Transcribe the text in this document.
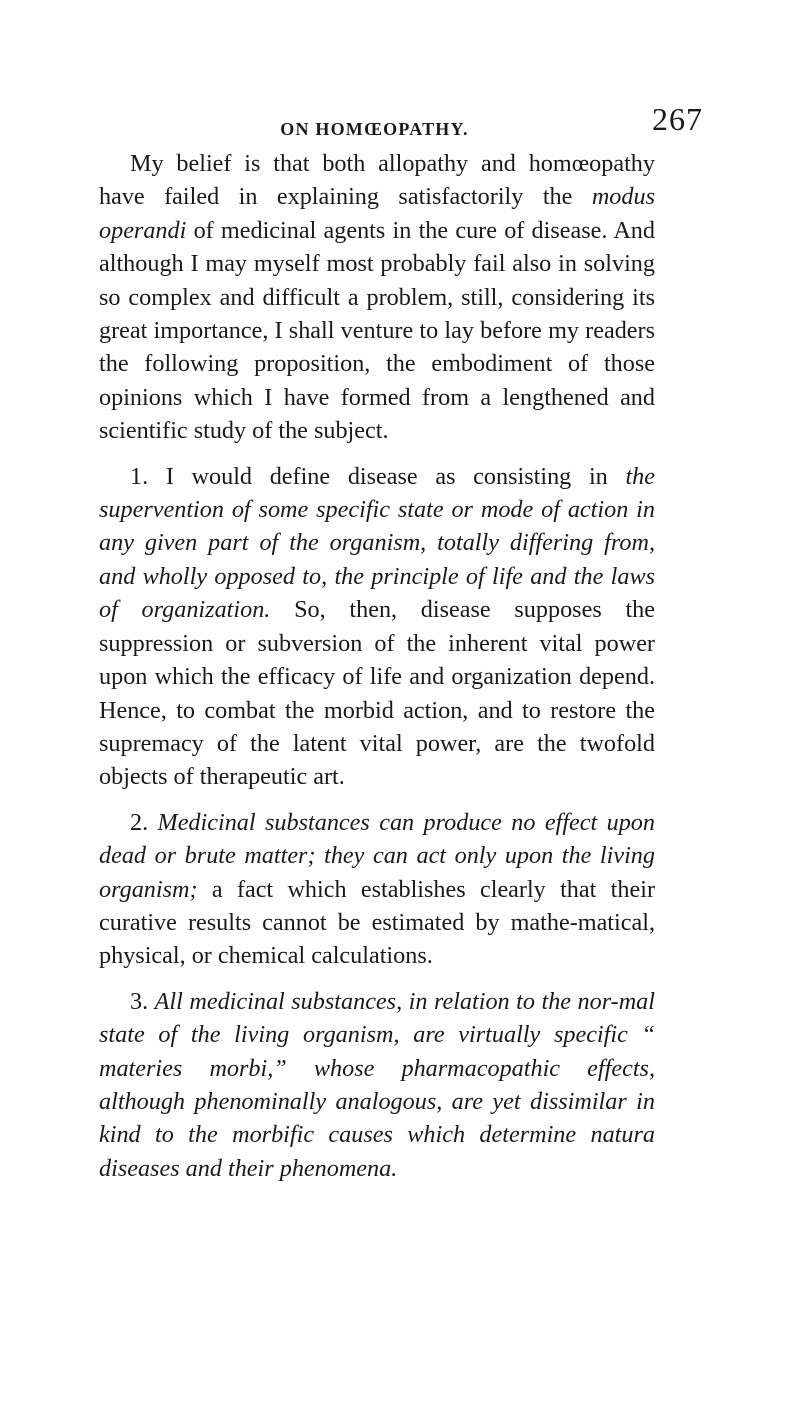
ON HOMŒOPATHY.	267

My belief is that both allopathy and homœopathy have failed in explaining satisfactorily the modus operandi of medicinal agents in the cure of disease. And although I may myself most probably fail also in solving so complex and difficult a problem, still, considering its great importance, I shall venture to lay before my readers the following proposition, the embodiment of those opinions which I have formed from a lengthened and scientific study of the subject.

1. I would define disease as consisting in the supervention of some specific state or mode of action in any given part of the organism, totally differing from, and wholly opposed to, the principle of life and the laws of organization. So, then, disease supposes the suppression or subversion of the inherent vital power upon which the efficacy of life and organization depend. Hence, to combat the morbid action, and to restore the supremacy of the latent vital power, are the twofold objects of therapeutic art.

2. Medicinal substances can produce no effect upon dead or brute matter; they can act only upon the living organism; a fact which establishes clearly that their curative results cannot be estimated by mathe-matical, physical, or chemical calculations.

3. All medicinal substances, in relation to the nor-mal state of the living organism, are virtually specific “ materies morbi,” whose pharmacopathic effects, although phenominally analogous, are yet dissimilar in kind to the morbific causes which determine natura diseases and their phenomena.
